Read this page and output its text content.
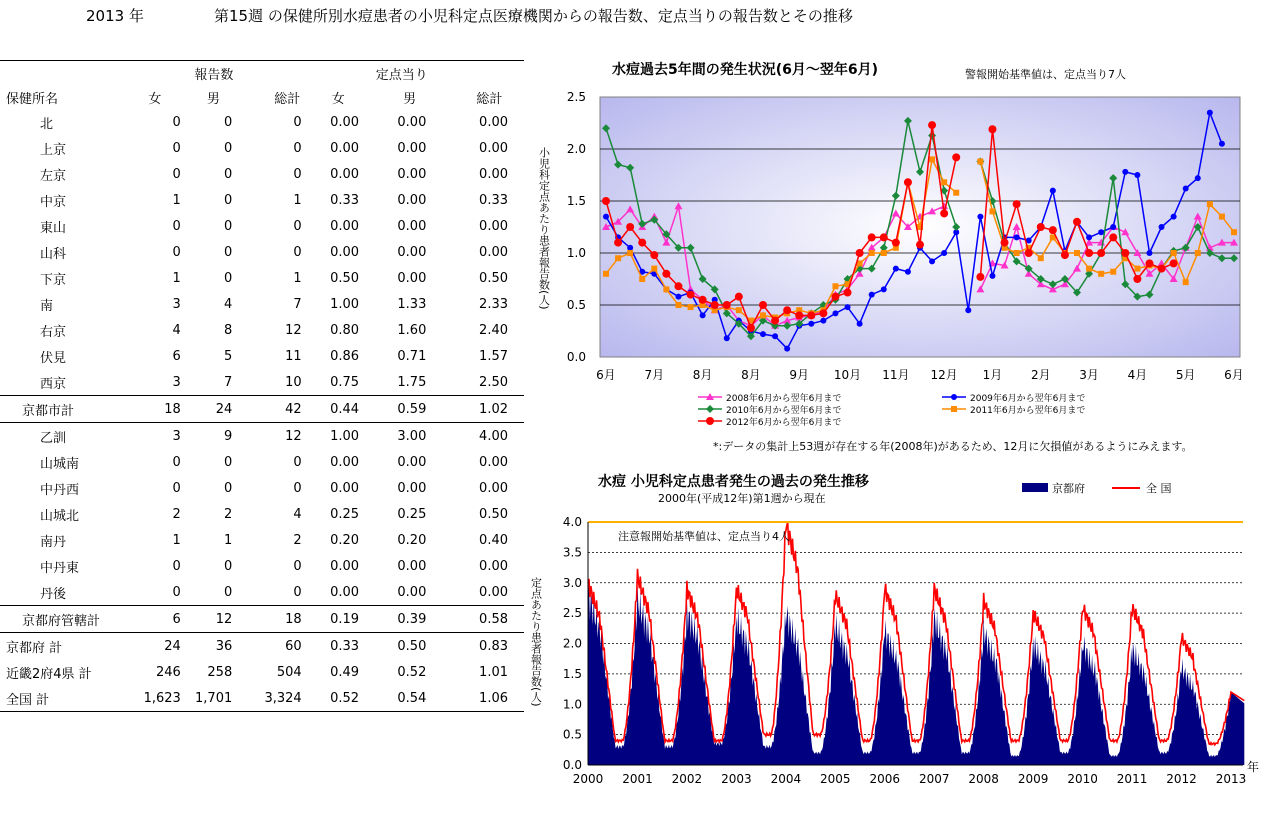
2013 年	第15週 の保健所別水痘患者の小児科定点医療機関からの報告数、定点当りの報告数とその推移
	報告数			定点当り		
保健所名	女	男	総計	女	男	総計
北	0	0	0	0.00	0.00	0.00
上京	0	0	0	0.00	0.00	0.00
左京	0	0	0	0.00	0.00	0.00
中京	1	0	1	0.33	0.00	0.33
東山	0	0	0	0.00	0.00	0.00
山科	0	0	0	0.00	0.00	0.00
下京	1	0	1	0.50	0.00	0.50
南	3	4	7	1.00	1.33	2.33
右京	4	8	12	0.80	1.60	2.40
伏見	6	5	11	0.86	0.71	1.57
西京	3	7	10	0.75	1.75	2.50
京都市計	18	24	42	0.44	0.59	1.02
乙訓	3	9	12	1.00	3.00	4.00
山城南	0	0	0	0.00	0.00	0.00
中丹西	0	0	0	0.00	0.00	0.00
山城北	2	2	4	0.25	0.25	0.50
南丹	1	1	2	0.20	0.20	0.40
中丹東	0	0	0	0.00	0.00	0.00
丹後	0	0	0	0.00	0.00	0.00
京都府管轄計	6	12	18	0.19	0.39	0.58
京都府 計	24	36	60	0.33	0.50	0.83
近畿2府4県 計	246	258	504	0.49	0.52	1.01
全国 計	1,623	1,701	3,324	0.52	0.54	1.06
水痘過去5年間の発生状況(6月～翌年6月)	警報開始基準値は、定点当り7人
0.0
0.5
1.0
1.5
2.0
2.5
6月 7月 8月 8月 9月 10月 11月 12月 1月 2月 3月 4月 5月 6月
小児科定点あたり患者報告数(人)
2008年6月から翌年6月まで	2009年6月から翌年6月まで
2010年6月から翌年6月まで	2011年6月から翌年6月まで
2012年6月から翌年6月まで
*:データの集計上53週が存在する年(2008年)があるため、12月に欠損値があるようにみえます。
水痘 小児科定点患者発生の過去の発生推移
2000年(平成12年)第1週から現在
京都府	全 国
0.0
0.5
1.0
1.5
2.0
2.5
3.0
3.5
4.0
注意報開始基準値は、定点当り4人
2000 2001 2002 2003 2004 2005 2006 2007 2008 2009 2010 2011 2012 2013
年
定点あたり患者報告数(人)
